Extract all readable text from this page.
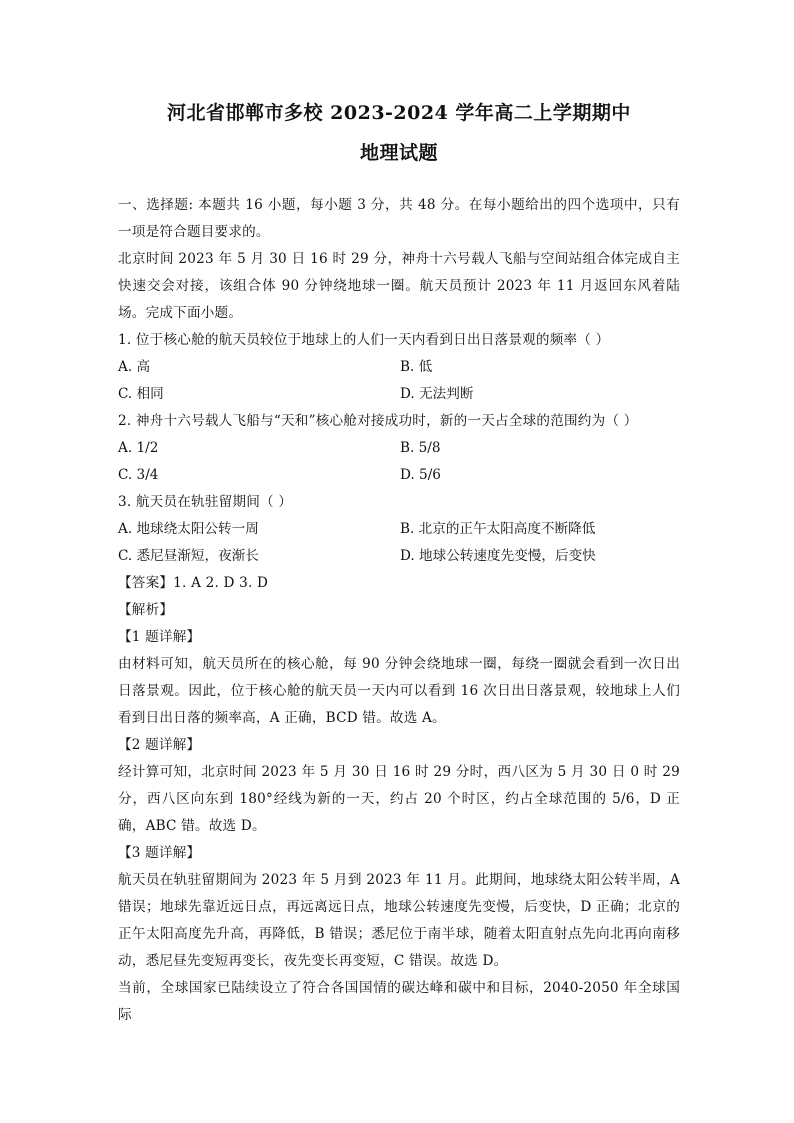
河北省邯郸市多校 2023-2024 学年高二上学期期中
地理试题
一、选择题: 本题共 16 小题，每小题 3 分，共 48 分。在每小题给出的四个选项中，只有一项是符合题目要求的。
北京时间 2023 年 5 月 30 日 16 时 29 分，神舟十六号载人飞船与空间站组合体完成自主快速交会对接，该组合体 90 分钟绕地球一圈。航天员预计 2023 年 11 月返回东风着陆场。完成下面小题。
1. 位于核心舱的航天员较位于地球上的人们一天内看到日出日落景观的频率（ ）
A. 高	B. 低
C. 相同	D. 无法判断
2. 神舟十六号载人飞船与“天和”核心舱对接成功时，新的一天占全球的范围约为（ ）
A. 1/2	B. 5/8
C. 3/4	D. 5/6
3. 航天员在轨驻留期间（ ）
A. 地球绕太阳公转一周	B. 北京的正午太阳高度不断降低
C. 悉尼昼渐短，夜渐长	D. 地球公转速度先变慢，后变快
【答案】1. A 2. D 3. D
【解析】
【1 题详解】
由材料可知，航天员所在的核心舱，每 90 分钟会绕地球一圈，每绕一圈就会看到一次日出日落景观。因此，位于核心舱的航天员一天内可以看到 16 次日出日落景观，较地球上人们看到日出日落的频率高，A 正确，BCD 错。故选 A。
【2 题详解】
经计算可知，北京时间 2023 年 5 月 30 日 16 时 29 分时，西八区为 5 月 30 日 0 时 29 分，西八区向东到 180°经线为新的一天，约占 20 个时区，约占全球范围的 5/6，D 正确，ABC 错。故选 D。
【3 题详解】
航天员在轨驻留期间为 2023 年 5 月到 2023 年 11 月。此期间，地球绕太阳公转半周，A 错误；地球先靠近远日点，再远离远日点，地球公转速度先变慢，后变快，D 正确；北京的正午太阳高度先升高，再降低，B 错误；悉尼位于南半球，随着太阳直射点先向北再向南移动，悉尼昼先变短再变长，夜先变长再变短，C 错误。故选 D。
当前，全球国家已陆续设立了符合各国国情的碳达峰和碳中和目标，2040-2050 年全球国际
